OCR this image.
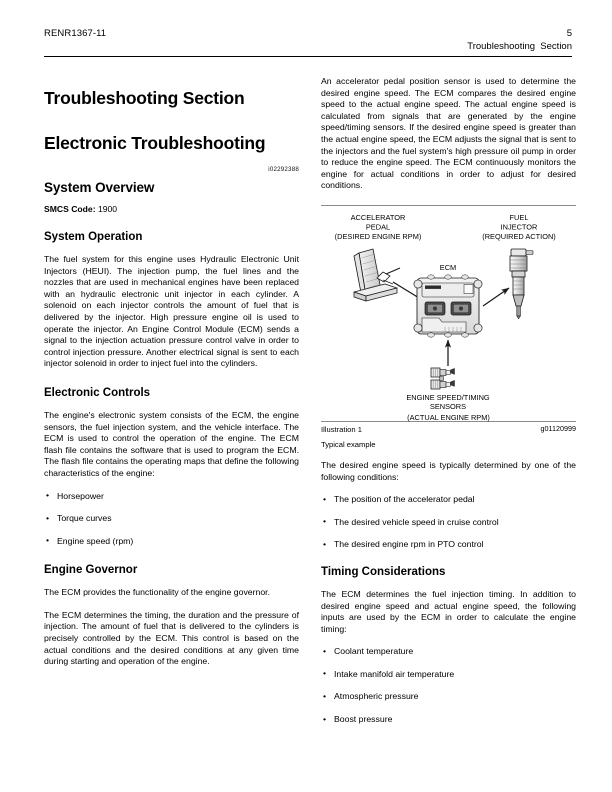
RENR1367-11	5
Troubleshooting  Section
Troubleshooting Section
Electronic Troubleshooting
i02292388
System Overview
SMCS Code: 1900
System Operation

The fuel system for this engine uses Hydraulic Electronic Unit Injectors (HEUI). The injection pump, the fuel lines and the nozzles that are used in mechanical engines have been replaced with an hydraulic electronic unit injector in each cylinder. A solenoid on each injector controls the amount of fuel that is delivered by the injector. High pressure engine oil is used to operate the injector. An Engine Control Module (ECM) sends a signal to the injection actuation pressure control valve in order to control injection pressure. Another electrical signal is sent to each injector solenoid in order to inject fuel into the cylinders.

Electronic Controls

The engine's electronic system consists of the ECM, the engine sensors, the fuel injection system, and the vehicle interface. The ECM is used to control the operation of the engine. The ECM flash file contains the software that is used to program the ECM. The flash file contains the operating maps that define the following characteristics of the engine:

• Horsepower
• Torque curves
• Engine speed (rpm)
Engine Governor

The ECM provides the functionality of the engine governor.

The ECM determines the timing, the duration and the pressure of injection. The amount of fuel that is delivered to the cylinders is precisely controlled by the ECM. This control is based on the actual conditions and the desired conditions at any given time during starting and operation of the engine.

An accelerator pedal position sensor is used to determine the desired engine speed. The ECM compares the desired engine speed to the actual engine speed. The actual engine speed is calculated from signals that are generated by the engine speed/timing sensors. If the desired engine speed is greater than the actual engine speed, the ECM adjusts the signal that is sent to the injectors and the fuel system's high pressure oil pump in order to reduce the engine speed. The ECM continuously monitors the engine for actual conditions in order to adjust for desired conditions.

ACCELERATOR
PEDAL
(DESIRED ENGINE RPM)
FUEL
INJECTOR
(REQUIRED ACTION)
ECM
ENGINE SPEED/TIMING
SENSORS
(ACTUAL ENGINE RPM)
Illustration 1	g01120999
Typical example

The desired engine speed is typically determined by one of the following conditions:

• The position of the accelerator pedal
• The desired vehicle speed in cruise control
• The desired engine rpm in PTO control
Timing Considerations

The ECM determines the fuel injection timing. In addition to desired engine speed and actual engine speed, the following inputs are used by the ECM in order to calculate the engine timing:

• Coolant temperature
• Intake manifold air temperature
• Atmospheric pressure
• Boost pressure
